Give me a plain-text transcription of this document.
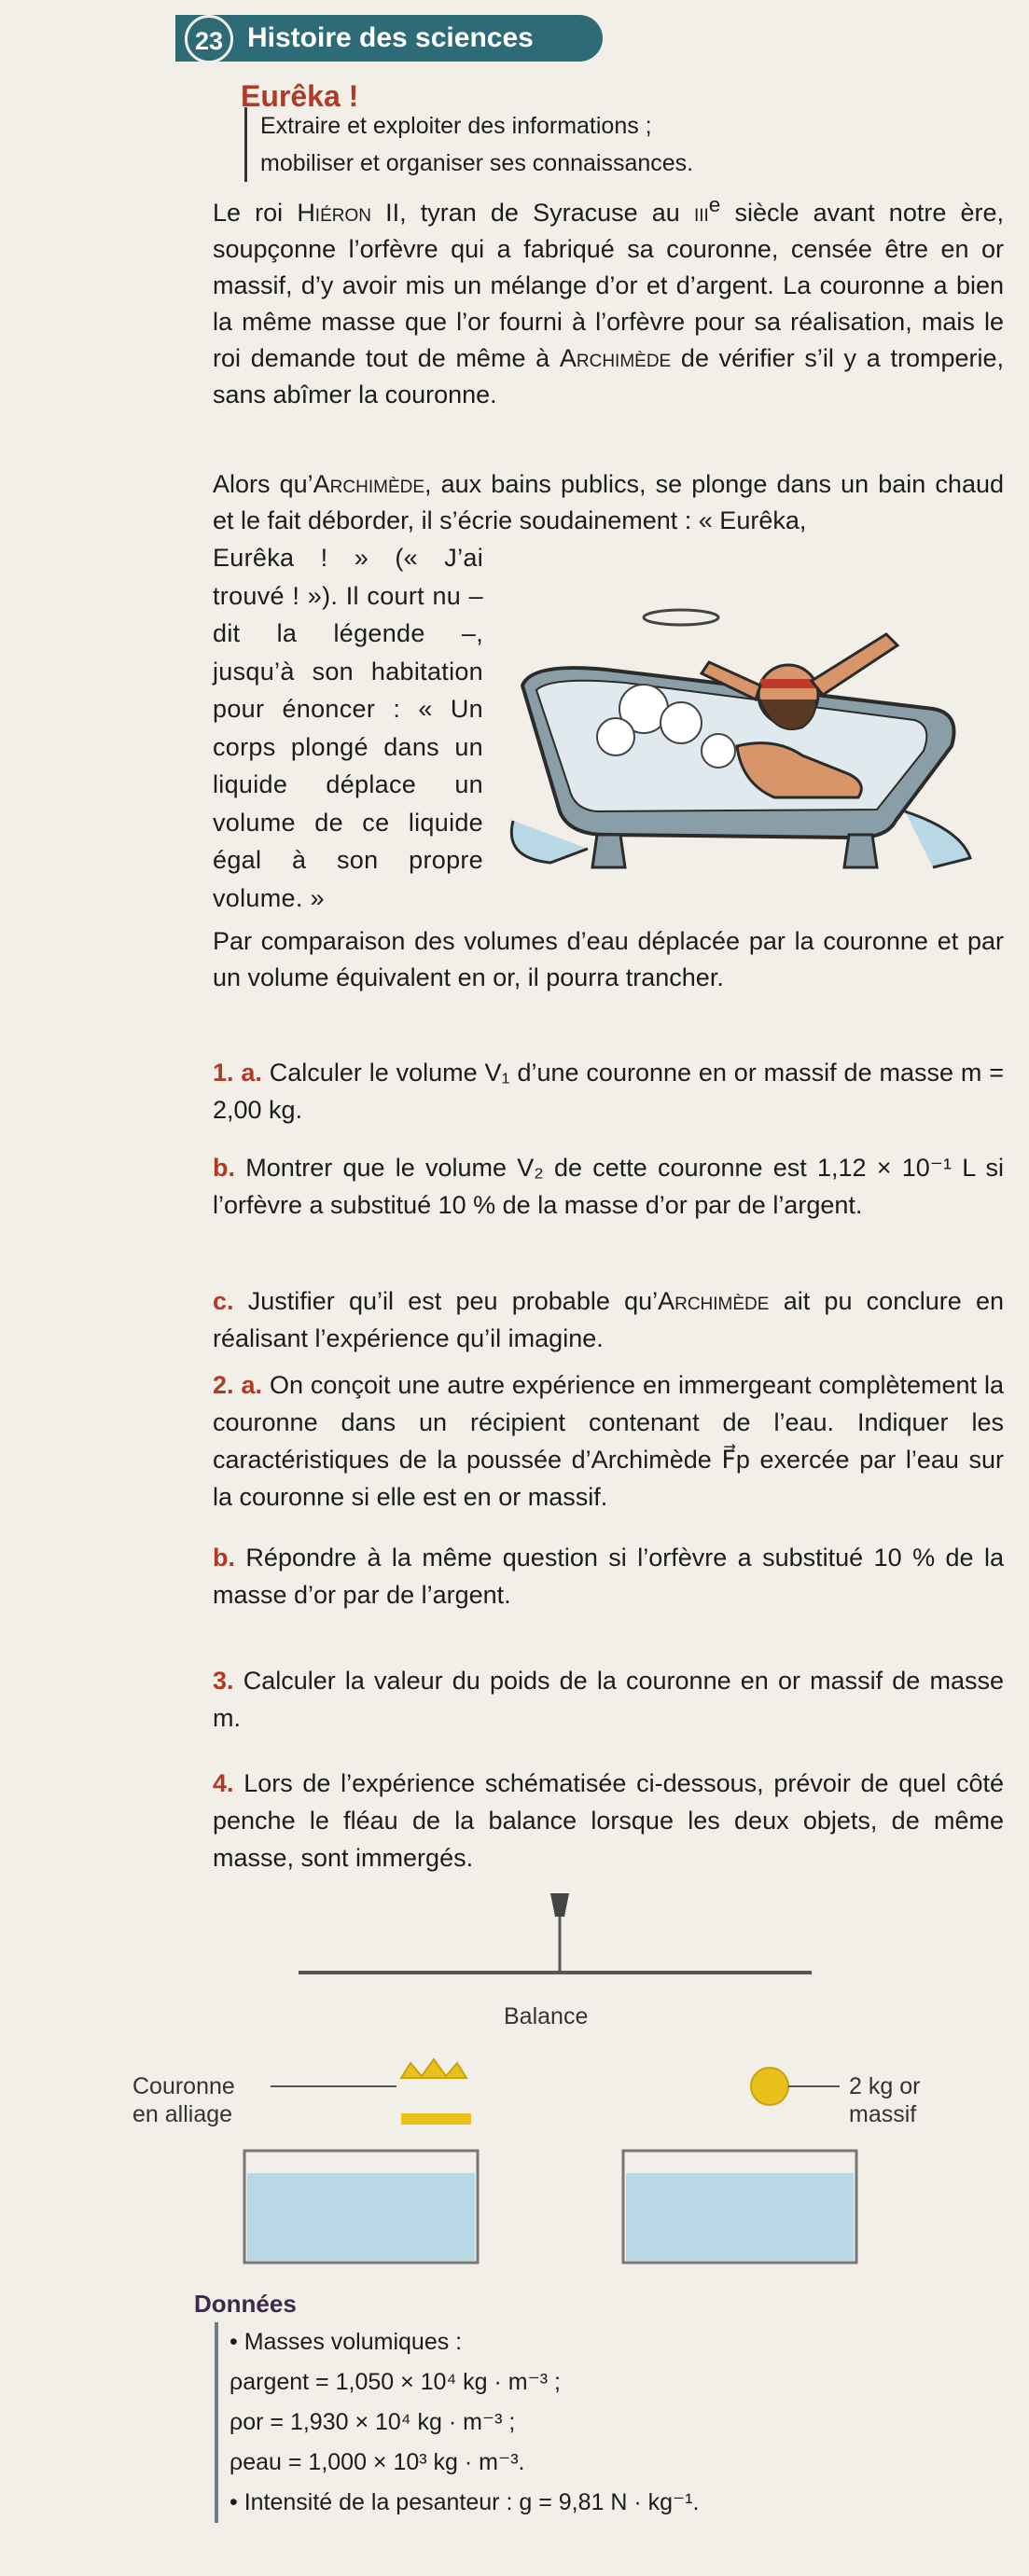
23 Histoire des sciences
Eurêka !
Extraire et exploiter des informations ;
mobiliser et organiser ses connaissances.
Le roi Hiéron II, tyran de Syracuse au iii$^e$ siècle avant notre ère, soupçonne l’orfèvre qui a fabriqué sa couronne, censée être en or massif, d’y avoir mis un mélange d’or et d’argent. La couronne a bien la même masse que l’or fourni à l’orfèvre pour sa réalisation, mais le roi demande tout de même à Archimède de vérifier s’il y a tromperie, sans abîmer la couronne.
Alors qu’Archimède, aux bains publics, se plonge dans un bain chaud et le fait déborder, il s’écrie soudainement : « Eurêka,
Eurêka ! » (« J’ai trouvé ! »). Il court nu – dit la légende –, jusqu’à son habitation pour énoncer : « Un corps plongé dans un liquide déplace un volume de ce liquide égal à son propre volume. »
Par comparaison des volumes d’eau déplacée par la couronne et par un volume équivalent en or, il pourra trancher.
1. a. Calculer le volume V₁ d’une couronne en or massif de masse m = 2,00 kg.
b. Montrer que le volume V₂ de cette couronne est 1,12 × 10⁻¹ L si l’orfèvre a substitué 10 % de la masse d’or par de l’argent.
c. Justifier qu’il est peu probable qu’Archimède ait pu conclure en réalisant l’expérience qu’il imagine.
2. a. On conçoit une autre expérience en immergeant complètement la couronne dans un récipient contenant de l’eau. Indiquer les caractéristiques de la poussée d’Archimède F⃗p exercée par l’eau sur la couronne si elle est en or massif.
b. Répondre à la même question si l’orfèvre a substitué 10 % de la masse d’or par de l’argent.
3. Calculer la valeur du poids de la couronne en or massif de masse m.
4. Lors de l’expérience schématisée ci-dessous, prévoir de quel côté penche le fléau de la balance lorsque les deux objets, de même masse, sont immergés.
Balance
Couronne
en alliage
2 kg or
massif
Données
• Masses volumiques :
ρargent = 1,050 × 10⁴ kg · m⁻³ ;
ρor = 1,930 × 10⁴ kg · m⁻³ ;
ρeau = 1,000 × 10³ kg · m⁻³.
• Intensité de la pesanteur : g = 9,81 N · kg⁻¹.
